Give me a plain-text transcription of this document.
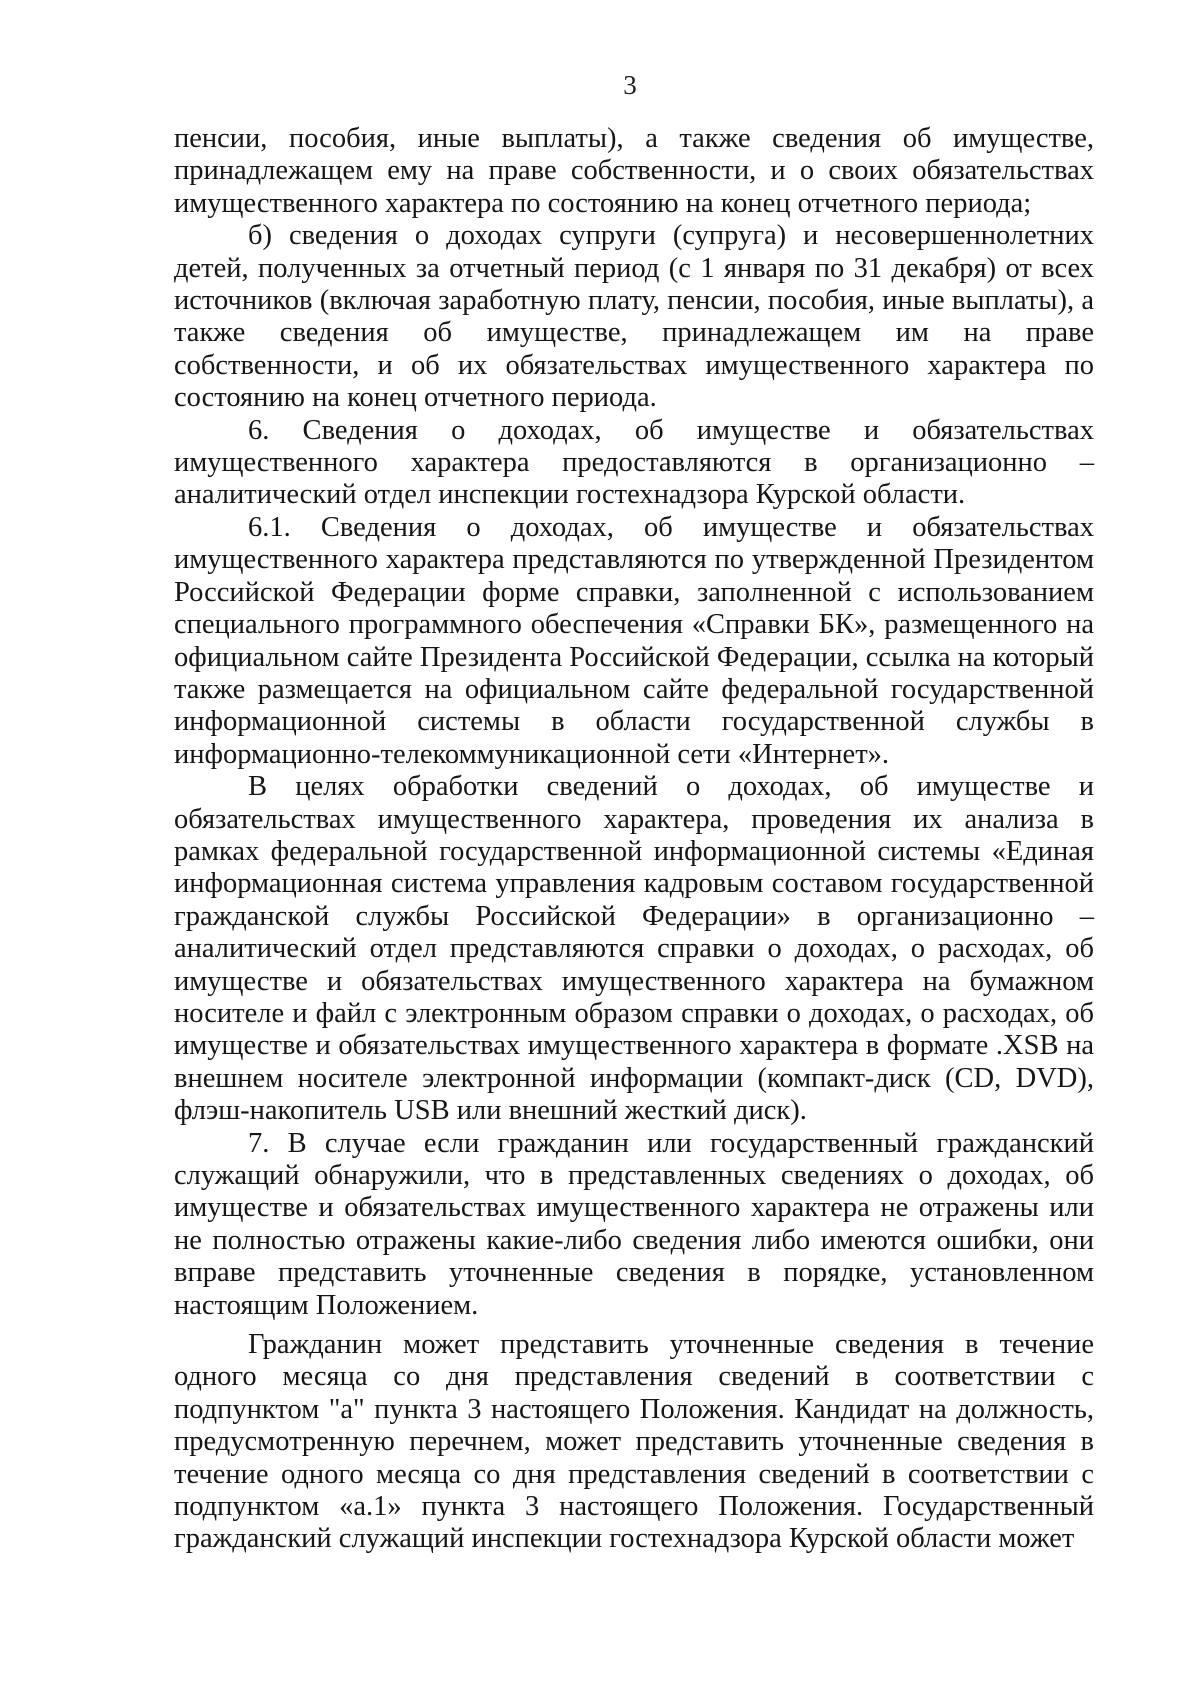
3

пенсии, пособия, иные выплаты), а также сведения об имуществе, принадлежащем ему на праве собственности, и о своих обязательствах имущественного характера по состоянию на конец отчетного периода;

б) сведения о доходах супруги (супруга) и несовершеннолетних детей, полученных за отчетный период (с 1 января по 31 декабря) от всех источников (включая заработную плату, пенсии, пособия, иные выплаты), а также сведения об имуществе, принадлежащем им на праве собственности, и об их обязательствах имущественного характера по состоянию на конец отчетного периода.

6. Сведения о доходах, об имуществе и обязательствах имущественного характера предоставляются в организационно – аналитический отдел инспекции гостехнадзора Курской области.

6.1. Сведения о доходах, об имуществе и обязательствах имущественного характера представляются по утвержденной Президентом Российской Федерации форме справки, заполненной с использованием специального программного обеспечения «Справки БК», размещенного на официальном сайте Президента Российской Федерации, ссылка на который также размещается на официальном сайте федеральной государственной информационной системы в области государственной службы в информационно-телекоммуникационной сети «Интернет».

В целях обработки сведений о доходах, об имуществе и обязательствах имущественного характера, проведения их анализа в рамках федеральной государственной информационной системы «Единая информационная система управления кадровым составом государственной гражданской службы Российской Федерации» в организационно – аналитический отдел представляются справки о доходах, о расходах, об имуществе и обязательствах имущественного характера на бумажном носителе и файл с электронным образом справки о доходах, о расходах, об имуществе и обязательствах имущественного характера в формате .XSB на внешнем носителе электронной информации (компакт-диск (CD, DVD), флэш-накопитель USB или внешний жесткий диск).

7. В случае если гражданин или государственный гражданский служащий обнаружили, что в представленных сведениях о доходах, об имуществе и обязательствах имущественного характера не отражены или не полностью отражены какие-либо сведения либо имеются ошибки, они вправе представить уточненные сведения в порядке, установленном настоящим Положением.

Гражданин может представить уточненные сведения в течение одного месяца со дня представления сведений в соответствии с подпунктом "а" пункта 3 настоящего Положения. Кандидат на должность, предусмотренную перечнем, может представить уточненные сведения в течение одного месяца со дня представления сведений в соответствии с подпунктом «а.1» пункта 3 настоящего Положения. Государственный гражданский служащий инспекции гостехнадзора Курской области может
